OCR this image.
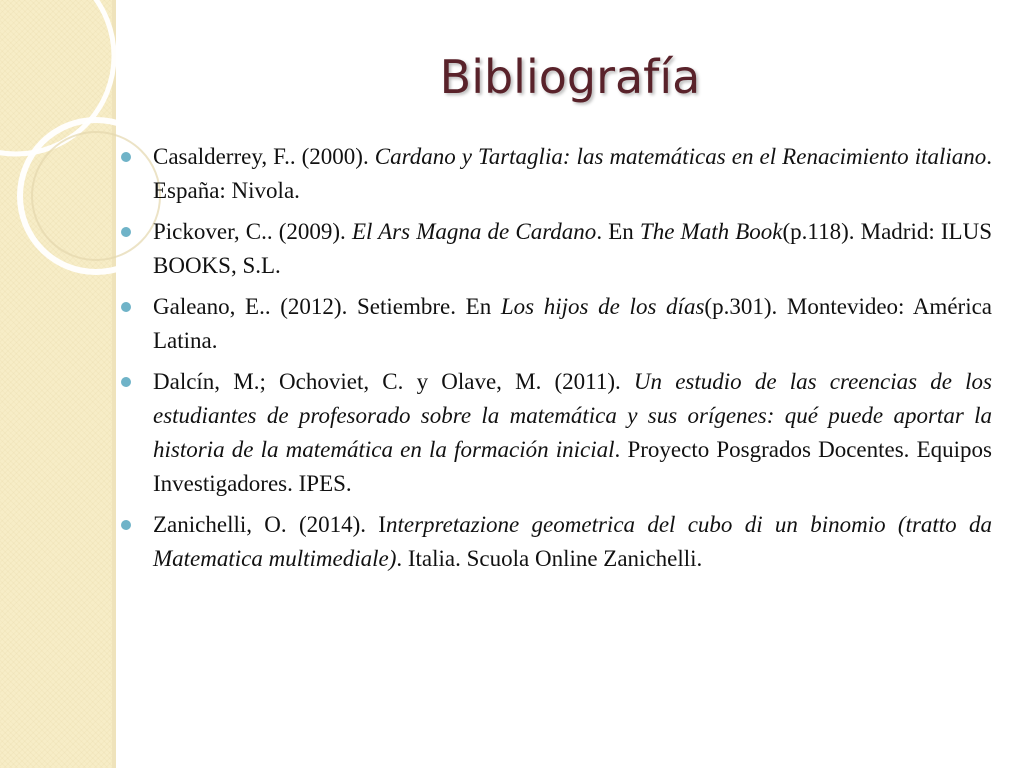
Bibliografía
Casalderrey, F.. (2000). Cardano y Tartaglia: las matemáticas en el Renacimiento italiano. España: Nivola.
Pickover, C.. (2009). El Ars Magna de Cardano. En The Math Book(p.118). Madrid: ILUS BOOKS, S.L.
Galeano, E.. (2012). Setiembre. En Los hijos de los días(p.301). Montevideo: América Latina.
Dalcín, M.; Ochoviet, C. y Olave, M. (2011). Un estudio de las creencias de los estudiantes de profesorado sobre la matemática y sus orígenes: qué puede aportar la historia de la matemática en la formación inicial. Proyecto Posgrados Docentes. Equipos Investigadores. IPES.
Zanichelli, O. (2014). Interpretazione geometrica del cubo di un binomio (tratto da Matematica multimediale). Italia. Scuola Online Zanichelli.
